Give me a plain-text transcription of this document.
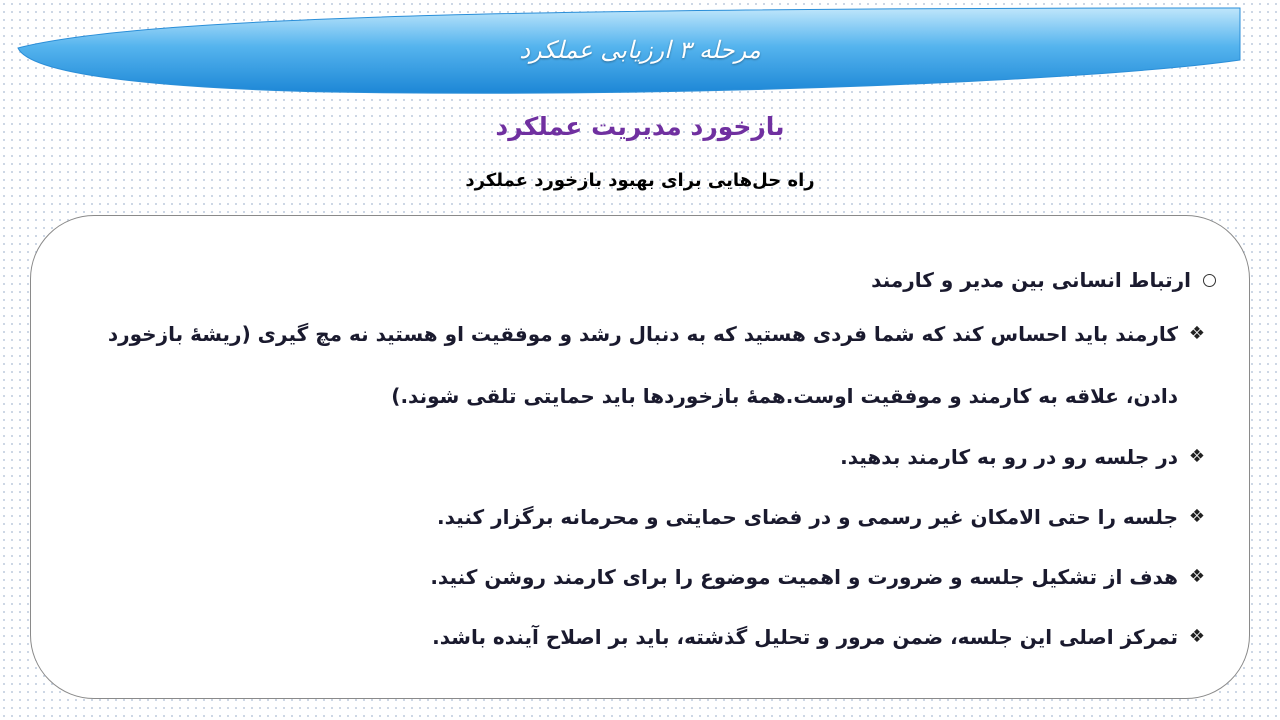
مرحله ۳ ارزیابی عملکرد
بازخورد مدیریت عملکرد
راه حل‌هایی برای بهبود بازخورد عملکرد
ارتباط انسانی بین مدیر و کارمند
❖
کارمند باید احساس کند که شما فردی هستید که به دنبال رشد و موفقیت او هستید نه مچ گیری (ریشهٔ بازخورد دادن، علاقه به کارمند و موفقیت اوست.همهٔ بازخوردها باید حمایتی تلقی شوند.)
❖
در جلسه رو در رو به کارمند بدهید.
❖
جلسه را حتی الامکان غیر رسمی و در فضای حمایتی و محرمانه برگزار کنید.
❖
هدف از تشکیل جلسه و ضرورت و اهمیت موضوع را برای کارمند روشن کنید.
❖
تمرکز اصلی این جلسه، ضمن مرور و تحلیل گذشته، باید بر اصلاح آینده باشد.
